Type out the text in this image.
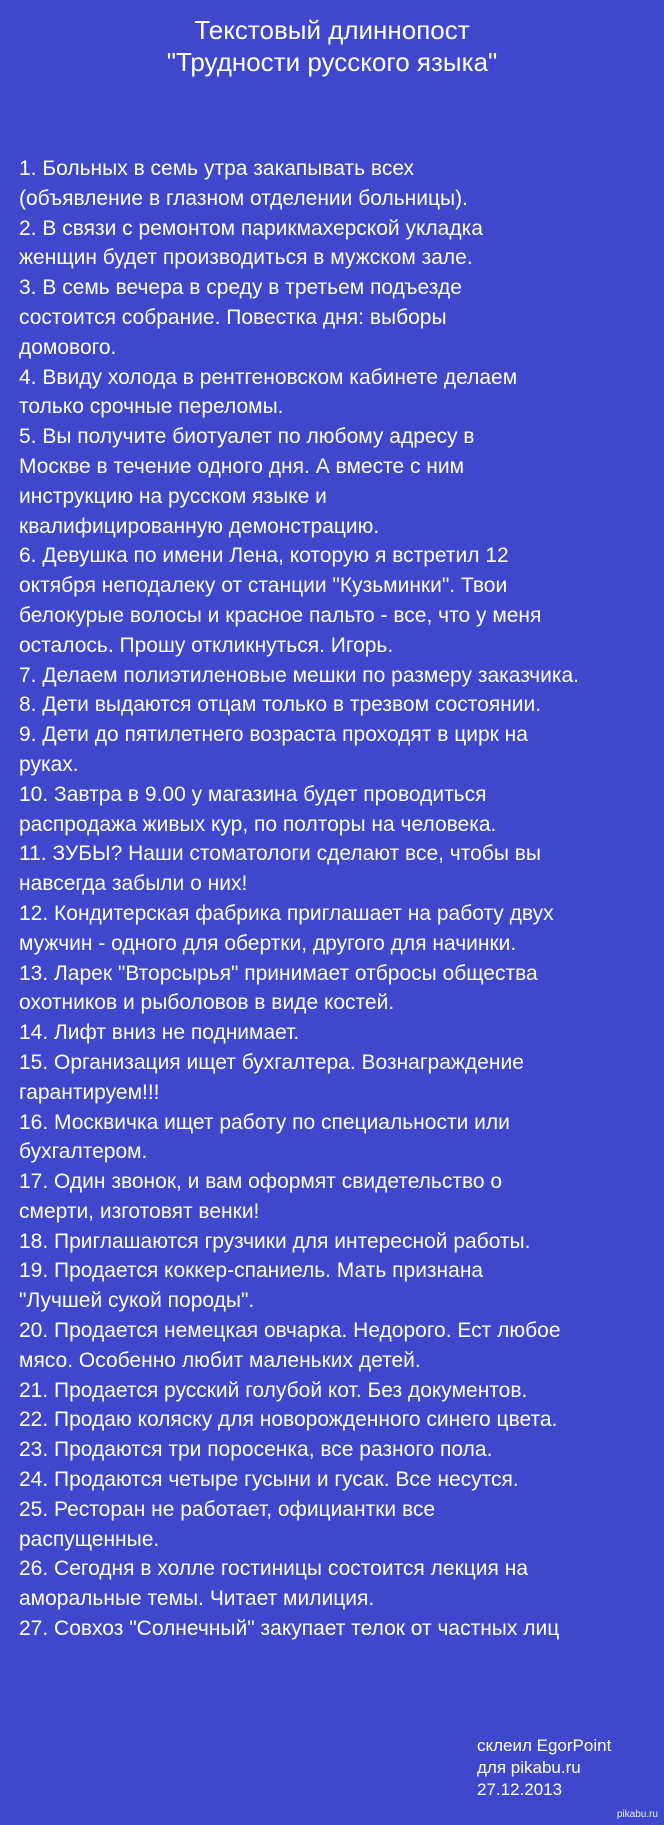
Текстовый длиннопост
"Трудности русского языка"
1. Больных в семь утра закапывать всех
(объявление в глазном отделении больницы).
2. В связи с ремонтом парикмахерской укладка
женщин будет производиться в мужском зале.
3. В семь вечера в среду в третьем подъезде
состоится собрание. Повестка дня: выборы
домового.
4. Ввиду холода в рентгеновском кабинете делаем
только срочные переломы.
5. Вы получите биотуалет по любому адресу в
Москве в течение одного дня. А вместе с ним
инструкцию на русском языке и
квалифицированную демонстрацию.
6. Девушка по имени Лена, которую я встретил 12
октября неподалеку от станции "Кузьминки". Твои
белокурые волосы и красное пальто - все, что у меня
осталось. Прошу откликнуться. Игорь.
7. Делаем полиэтиленовые мешки по размеру заказчика.
8. Дети выдаются отцам только в трезвом состоянии.
9. Дети до пятилетнего возраста проходят в цирк на
руках.
10. Завтра в 9.00 у магазина будет проводиться
распродажа живых кур, по полторы на человека.
11. ЗУБЫ? Наши стоматологи сделают все, чтобы вы
навсегда забыли о них!
12. Кондитерская фабрика приглашает на работу двух
мужчин - одного для обертки, другого для начинки.
13. Ларек "Вторсырья" принимает отбросы общества
охотников и рыболовов в виде костей.
14. Лифт вниз не поднимает.
15. Организация ищет бухгалтера. Вознаграждение
гарантируем!!!
16. Москвичка ищет работу по специальности или
бухгалтером.
17. Один звонок, и вам оформят свидетельство о
смерти, изготовят венки!
18. Приглашаются грузчики для интересной работы.
19. Продается коккер-спаниель. Мать признана
"Лучшей сукой породы".
20. Продается немецкая овчарка. Недорого. Ест любое
мясо. Особенно любит маленьких детей.
21. Продается русский голубой кот. Без документов.
22. Продаю коляску для новорожденного синего цвета.
23. Продаются три поросенка, все разного пола.
24. Продаются четыре гусыни и гусак. Все несутся.
25. Ресторан не работает, официантки все
распущенные.
26. Сегодня в холле гостиницы состоится лекция на
аморальные темы. Читает милиция.
27. Совхоз "Солнечный" закупает телок от частных лиц
склеил EgorPoint
для pikabu.ru
27.12.2013
pikabu.ru
